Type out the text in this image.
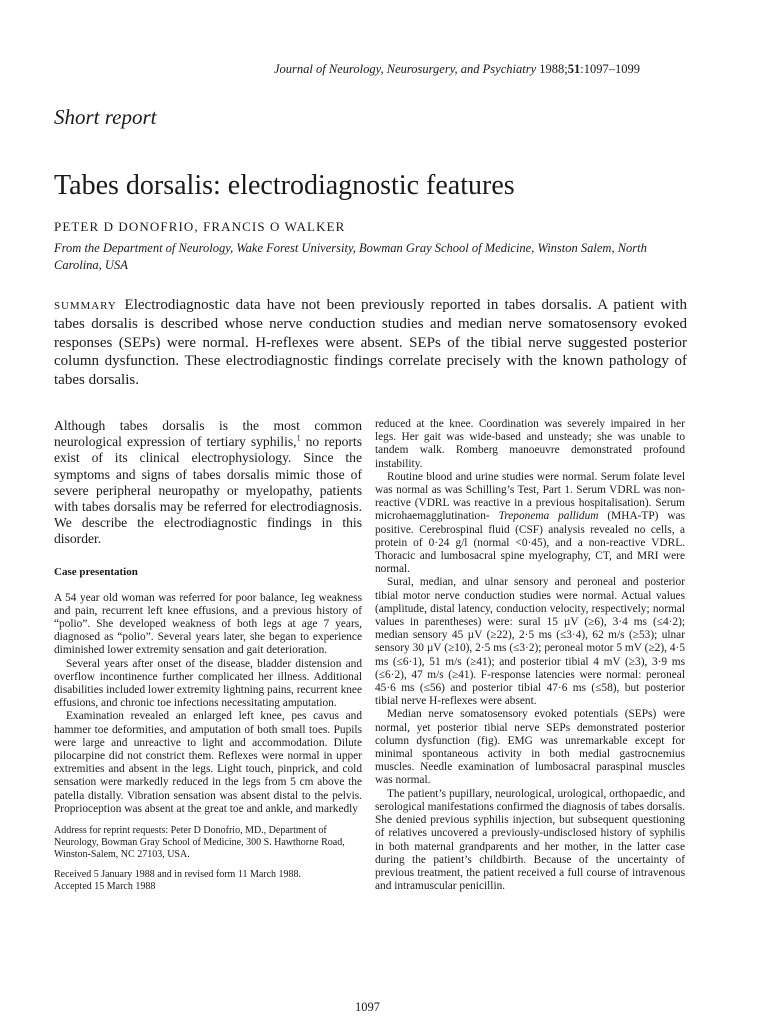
Journal of Neurology, Neurosurgery, and Psychiatry 1988;51:1097–1099
Short report
Tabes dorsalis: electrodiagnostic features
PETER D DONOFRIO, FRANCIS O WALKER
From the Department of Neurology, Wake Forest University, Bowman Gray School of Medicine, Winston Salem, North Carolina, USA
SUMMARY Electrodiagnostic data have not been previously reported in tabes dorsalis. A patient with tabes dorsalis is described whose nerve conduction studies and median nerve somatosensory evoked responses (SEPs) were normal. H-reflexes were absent. SEPs of the tibial nerve suggested posterior column dysfunction. These electrodiagnostic findings correlate precisely with the known pathology of tabes dorsalis.

Although tabes dorsalis is the most common neurological expression of tertiary syphilis,$^1$ no reports exist of its clinical electrophysiology. Since the symptoms and signs of tabes dorsalis mimic those of severe peripheral neuropathy or myelopathy, patients with tabes dorsalis may be referred for electrodiagnosis. We describe the electrodiagnostic findings in this disorder.

Case presentation

A 54 year old woman was referred for poor balance, leg weakness and pain, recurrent left knee effusions, and a previous history of “polio”. She developed weakness of both legs at age 7 years, diagnosed as “polio”. Several years later, she began to experience diminished lower extremity sensation and gait deterioration.

Several years after onset of the disease, bladder distension and overflow incontinence further complicated her illness. Additional disabilities included lower extremity lightning pains, recurrent knee effusions, and chronic toe infections necessitating amputation.

Examination revealed an enlarged left knee, pes cavus and hammer toe deformities, and amputation of both small toes. Pupils were large and unreactive to light and accommodation. Dilute pilocarpine did not constrict them. Reflexes were normal in upper extremities and absent in the legs. Light touch, pinprick, and cold sensation were markedly reduced in the legs from 5 cm above the patella distally. Vibration sensation was absent distal to the pelvis. Proprioception was absent at the great toe and ankle, and markedly

Address for reprint requests: Peter D Donofrio, MD., Department of Neurology, Bowman Gray School of Medicine, 300 S. Hawthorne Road, Winston-Salem, NC 27103, USA.

Received 5 January 1988 and in revised form 11 March 1988.

Accepted 15 March 1988

reduced at the knee. Coordination was severely impaired in her legs. Her gait was wide-based and unsteady; she was unable to tandem walk. Romberg manoeuvre demonstrated profound instability.

Routine blood and urine studies were normal. Serum folate level was normal as was Schilling’s Test, Part 1. Serum VDRL was non-reactive (VDRL was reactive in a previous hospitalisation). Serum microhaemagglutination- Treponema pallidum (MHA-TP) was positive. Cerebrospinal fluid (CSF) analysis revealed no cells, a protein of 0·24 g/l (normal <0·45), and a non-reactive VDRL. Thoracic and lumbosacral spine myelography, CT, and MRI were normal.

Sural, median, and ulnar sensory and peroneal and posterior tibial motor nerve conduction studies were normal. Actual values (amplitude, distal latency, conduction velocity, respectively; normal values in parentheses) were: sural 15 µV (≥6), 3·4 ms (≤4·2); median sensory 45 µV (≥22), 2·5 ms (≤3·4), 62 m/s (≥53); ulnar sensory 30 µV (≥10), 2·5 ms (≤3·2); peroneal motor 5 mV (≥2), 4·5 ms (≤6·1), 51 m/s (≥41); and posterior tibial 4 mV (≥3), 3·9 ms (≤6·2), 47 m/s (≥41). F-response latencies were normal: peroneal 45·6 ms (≤56) and posterior tibial 47·6 ms (≤58), but posterior tibial nerve H-reflexes were absent.

Median nerve somatosensory evoked potentials (SEPs) were normal, yet posterior tibial nerve SEPs demonstrated posterior column dysfunction (fig). EMG was unremarkable except for minimal spontaneous activity in both medial gastrocnemius muscles. Needle examination of lumbosacral paraspinal muscles was normal.

The patient’s pupillary, neurological, urological, orthopaedic, and serological manifestations confirmed the diagnosis of tabes dorsalis. She denied previous syphilis injection, but subsequent questioning of relatives uncovered a previously-undisclosed history of syphilis in both maternal grandparents and her mother, in the latter case during the patient’s childbirth. Because of the uncertainty of previous treatment, the patient received a full course of intravenous and intramuscular penicillin.

1097
